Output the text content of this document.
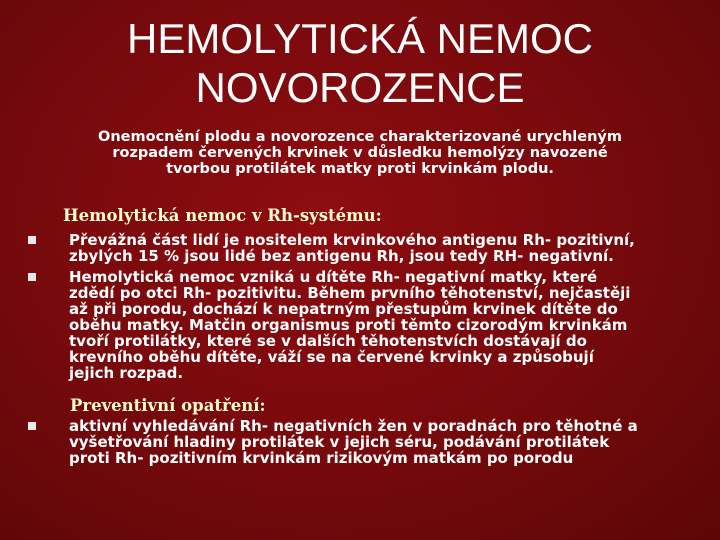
HEMOLYTICKÁ NEMOC
NOVOROZENCE
Onemocnění plodu a novorozence charakterizované urychleným
rozpadem červených krvinek v důsledku hemolýzy navozené
tvorbou protilátek matky proti krvinkám plodu.
Hemolytická nemoc v Rh-systému:
Převážná část lidí je nositelem krvinkového antigenu Rh- pozitivní,
zbylých 15 % jsou lidé bez antigenu Rh, jsou tedy RH- negativní.
Hemolytická nemoc vzniká u dítěte Rh- negativní matky, které
zdědí po otci Rh- pozitivitu. Během prvního těhotenství, nejčastěji
až při porodu, dochází k nepatrným přestupům krvinek dítěte do
oběhu matky. Matčin organismus proti těmto cizorodým krvinkám
tvoří protilátky, které se v dalších těhotenstvích dostávají do
krevního oběhu dítěte, váží se na červené krvinky a způsobují
jejich rozpad.
Preventivní opatření:
aktivní vyhledávání Rh- negativních žen v poradnách pro těhotné a
vyšetřování hladiny protilátek v jejich séru, podávání protilátek
proti Rh- pozitivním krvinkám rizikovým matkám po porodu
